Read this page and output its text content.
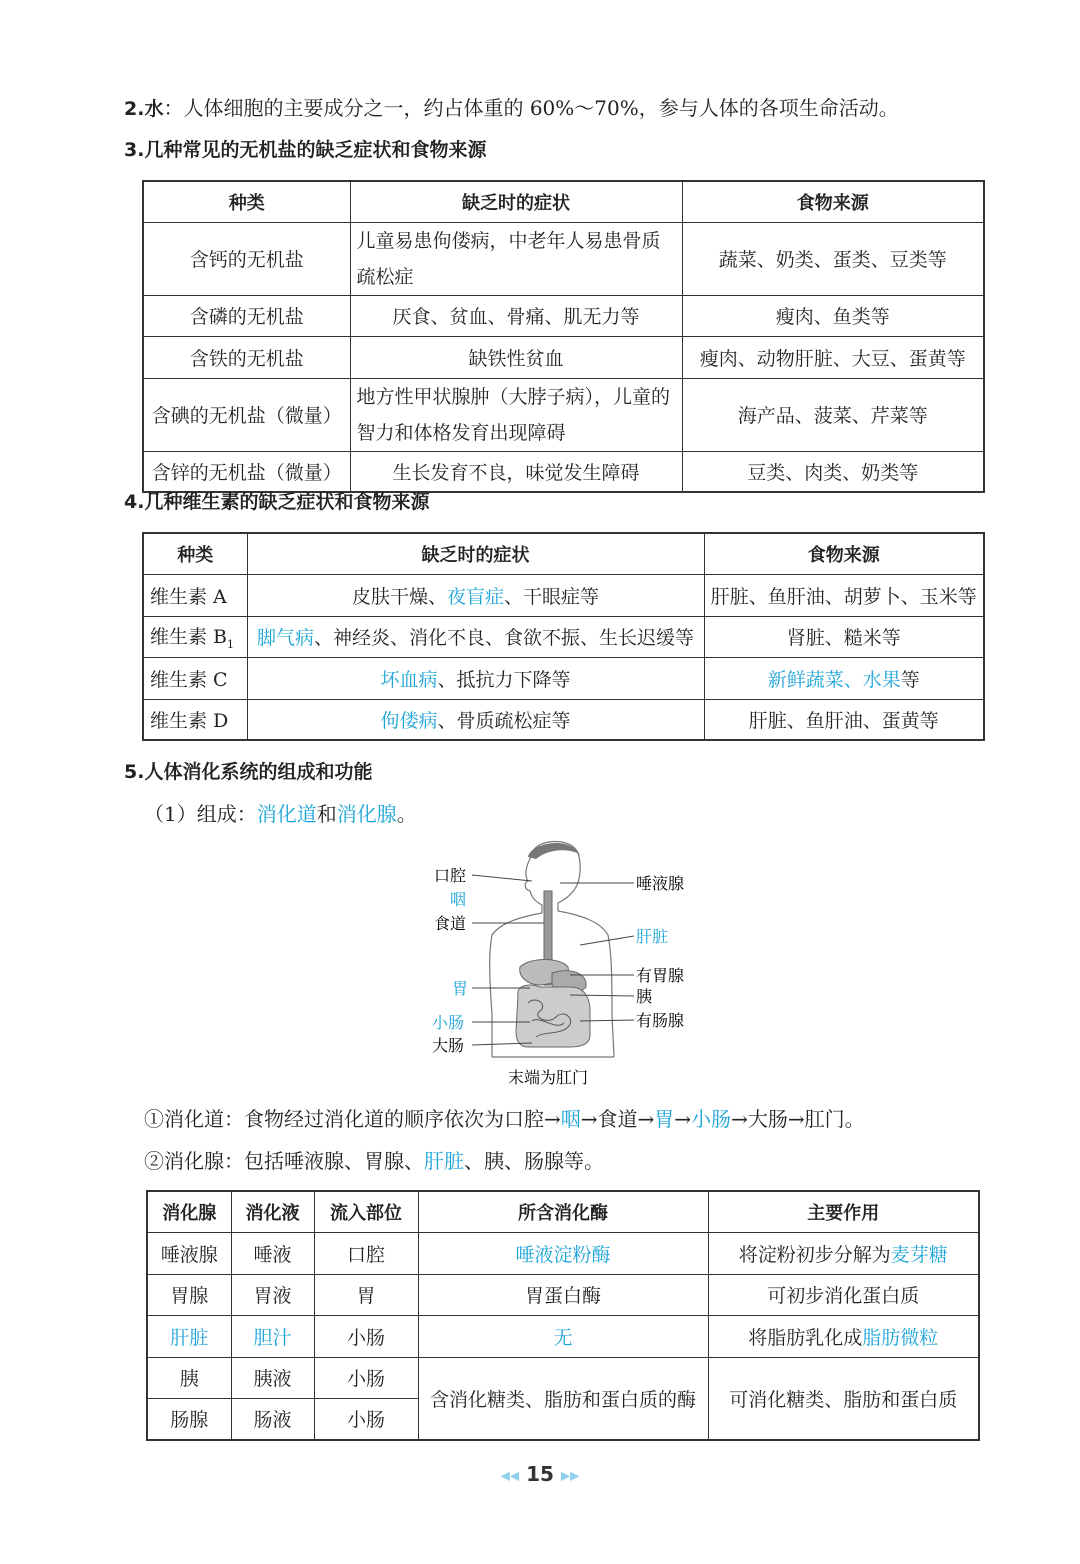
2.水：人体细胞的主要成分之一，约占体重的 60%～70%，参与人体的各项生命活动。
3.几种常见的无机盐的缺乏症状和食物来源
种类	缺乏时的症状	食物来源
含钙的无机盐	儿童易患佝偻病，中老年人易患骨质疏松症	蔬菜、奶类、蛋类、豆类等
含磷的无机盐	厌食、贫血、骨痛、肌无力等	瘦肉、鱼类等
含铁的无机盐	缺铁性贫血	瘦肉、动物肝脏、大豆、蛋黄等
含碘的无机盐（微量）	地方性甲状腺肿（大脖子病），儿童的智力和体格发育出现障碍	海产品、菠菜、芹菜等
含锌的无机盐（微量）	生长发育不良，味觉发生障碍	豆类、肉类、奶类等
4.几种维生素的缺乏症状和食物来源
种类	缺乏时的症状	食物来源
维生素 A	皮肤干燥、夜盲症、干眼症等	肝脏、鱼肝油、胡萝卜、玉米等
维生素 $B_1$	脚气病、神经炎、消化不良、食欲不振、生长迟缓等	肾脏、糙米等
维生素 C	坏血病、抵抗力下降等	新鲜蔬菜、水果等
维生素 D	佝偻病、骨质疏松症等	肝脏、鱼肝油、蛋黄等
5.人体消化系统的组成和功能
（1）组成：消化道和消化腺。
口腔
咽
食道
胃
小肠
大肠
唾液腺
肝脏
有胃腺
胰
有肠腺
末端为肛门
①消化道：食物经过消化道的顺序依次为口腔→咽→食道→胃→小肠→大肠→肛门。
②消化腺：包括唾液腺、胃腺、肝脏、胰、肠腺等。
消化腺	消化液	流入部位	所含消化酶	主要作用
唾液腺	唾液	口腔	唾液淀粉酶	将淀粉初步分解为麦芽糖
胃腺	胃液	胃	胃蛋白酶	可初步消化蛋白质
肝脏	胆汁	小肠	无	将脂肪乳化成脂肪微粒
胰	胰液	小肠	含消化糖类、脂肪和蛋白质的酶	可消化糖类、脂肪和蛋白质
肠腺	肠液	小肠		
◀◀ 15 ▶▶
